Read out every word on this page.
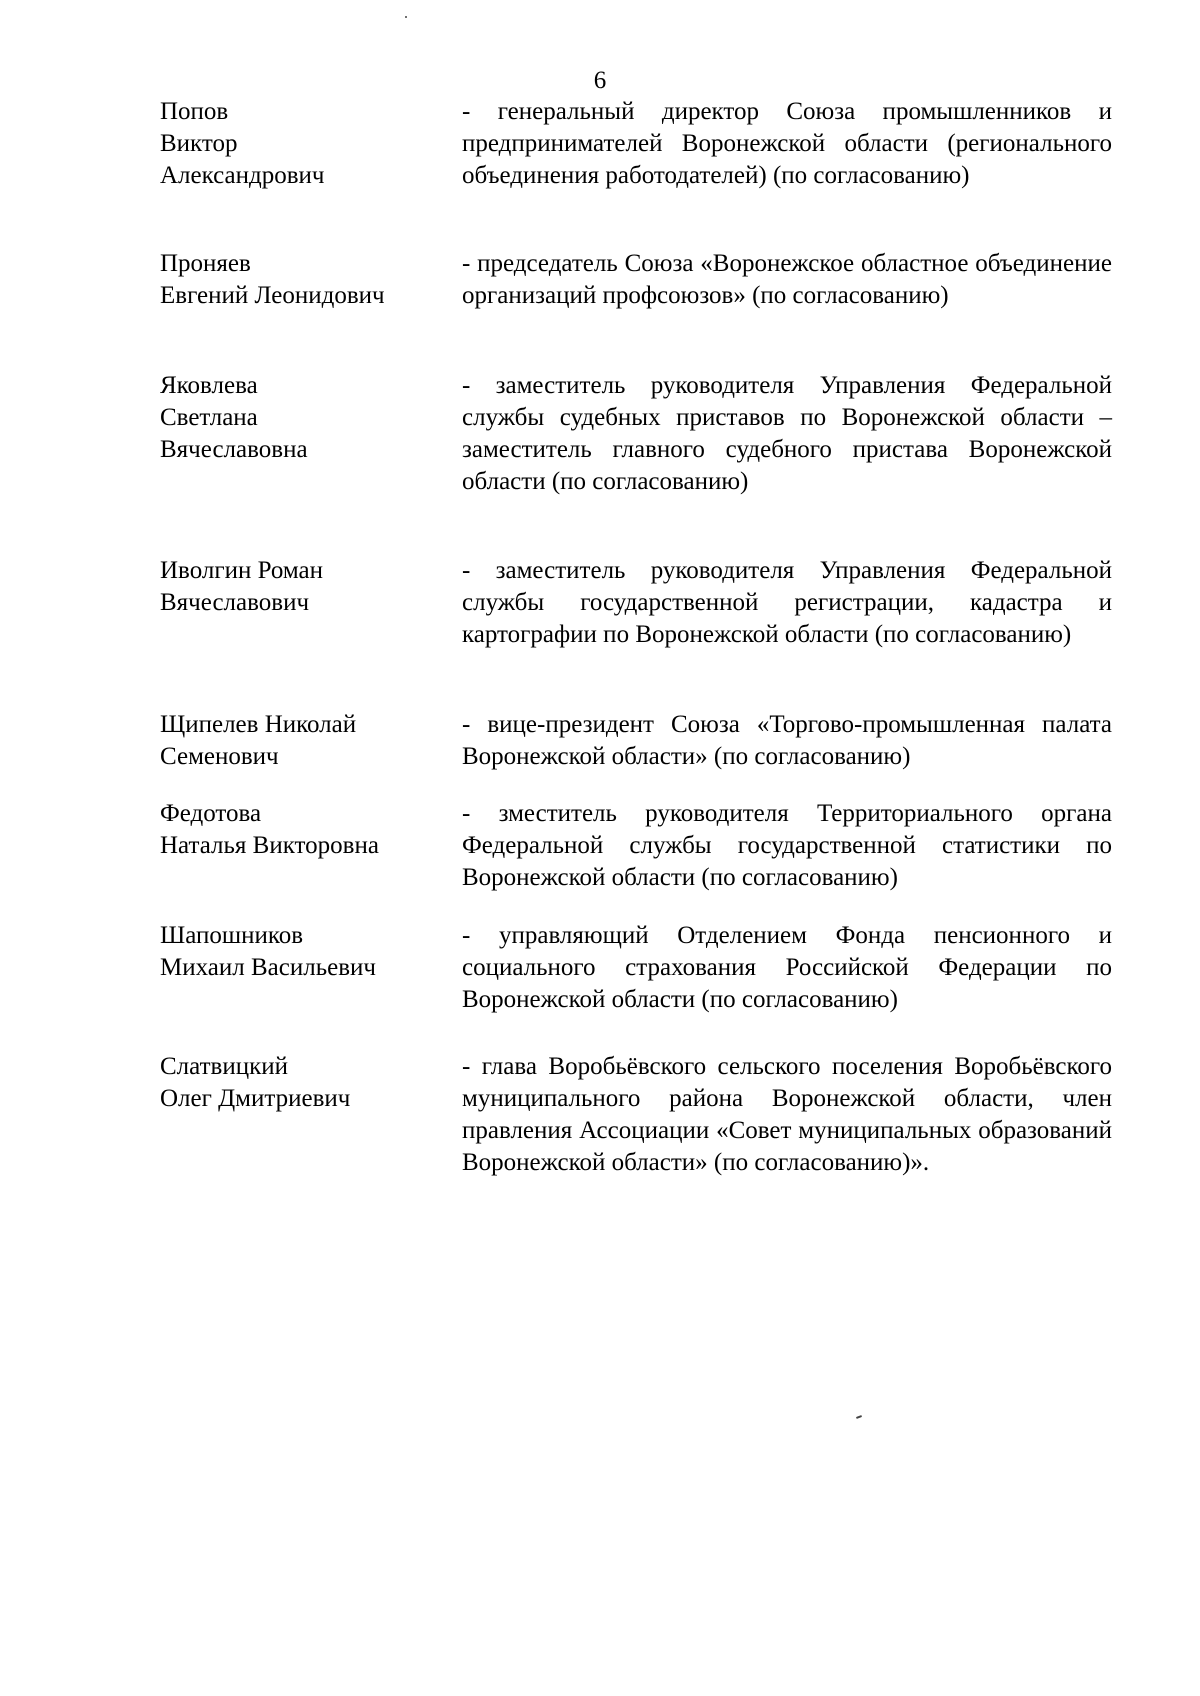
6
Попов
Виктор
Александрович
- генеральный директор Союза промышленников и предпринимателей Воронежской области (регионального объединения работодателей) (по согласованию)
Проняев
Евгений Леонидович
- председатель Союза «Воронежское областное объединение организаций профсоюзов» (по согласованию)
Яковлева
Светлана
Вячеславовна
- заместитель руководителя Управления Федеральной службы судебных приставов по Воронежской области – заместитель главного судебного пристава Воронежской области (по согласованию)
Иволгин Роман
Вячеславович
- заместитель руководителя Управления Федеральной службы государственной регистрации, кадастра и картографии по Воронежской области (по согласованию)
Щипелев Николай
Семенович
- вице-президент Союза «Торгово-промышленная палата Воронежской области» (по согласованию)
Федотова
Наталья Викторовна
- зместитель руководителя Территориального органа Федеральной службы государственной статистики по Воронежской области (по согласованию)
Шапошников
Михаил Васильевич
- управляющий Отделением Фонда пенсионного и социального страхования Российской Федерации по Воронежской области (по согласованию)
Слатвицкий
Олег Дмитриевич
- глава Воробьёвского сельского поселения Воробьёвского муниципального района Воронежской области, член правления Ассоциации «Совет муниципальных образований Воронежской области» (по согласованию)».
